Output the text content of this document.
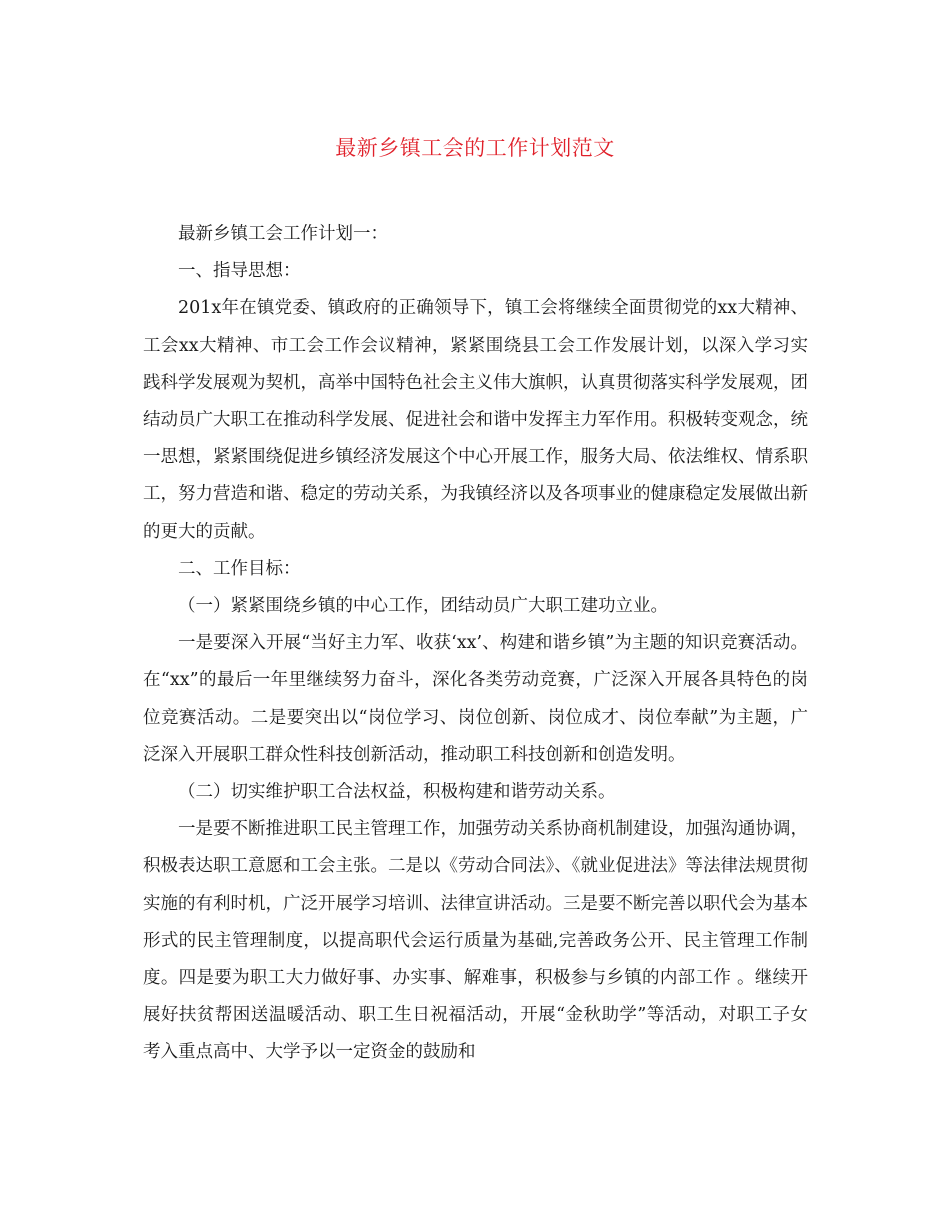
最新乡镇工会的工作计划范文

最新乡镇工会工作计划一：

一、指导思想：

201x年在镇党委、镇政府的正确领导下，镇工会将继续全面贯彻党的xx大精神、工会xx大精神、市工会工作会议精神，紧紧围绕县工会工作发展计划，以深入学习实践科学发展观为契机，高举中国特色社会主义伟大旗帜，认真贯彻落实科学发展观，团结动员广大职工在推动科学发展、促进社会和谐中发挥主力军作用。积极转变观念，统一思想，紧紧围绕促进乡镇经济发展这个中心开展工作，服务大局、依法维权、情系职工，努力营造和谐、稳定的劳动关系，为我镇经济以及各项事业的健康稳定发展做出新的更大的贡献。

二、工作目标：

（一）紧紧围绕乡镇的中心工作，团结动员广大职工建功立业。

一是要深入开展“当好主力军、收获‘xx’、构建和谐乡镇”为主题的知识竞赛活动。在“xx”的最后一年里继续努力奋斗，深化各类劳动竞赛，广泛深入开展各具特色的岗位竞赛活动。二是要突出以“岗位学习、岗位创新、岗位成才、岗位奉献”为主题，广泛深入开展职工群众性科技创新活动，推动职工科技创新和创造发明。

（二）切实维护职工合法权益，积极构建和谐劳动关系。

一是要不断推进职工民主管理工作，加强劳动关系协商机制建设，加强沟通协调，积极表达职工意愿和工会主张。二是以《劳动合同法》、《就业促进法》等法律法规贯彻实施的有利时机，广泛开展学习培训、法律宣讲活动。三是要不断完善以职代会为基本形式的民主管理制度，以提高职代会运行质量为基础,完善政务公开、民主管理工作制度。四是要为职工大力做好事、办实事、解难事，积极参与乡镇的内部工作 。继续开展好扶贫帮困送温暖活动、职工生日祝福活动，开展“金秋助学”等活动，对职工子女考入重点高中、大学予以一定资金的鼓励和
